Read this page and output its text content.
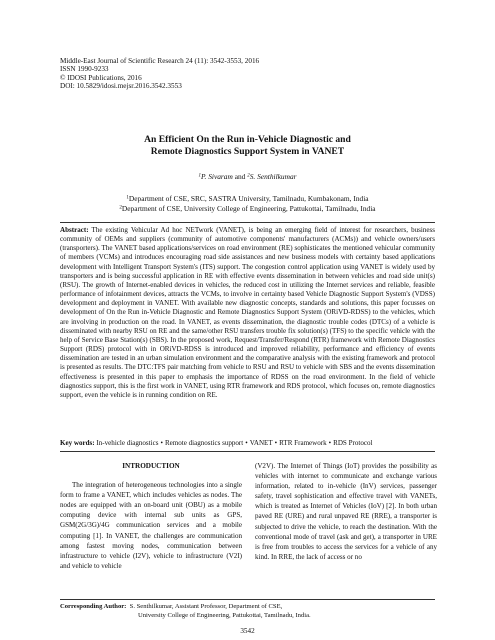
Middle-East Journal of Scientific Research 24 (11): 3542-3553, 2016
ISSN 1990-9233
© IDOSI Publications, 2016
DOI: 10.5829/idosi.mejsr.2016.3542.3553
An Efficient On the Run in-Vehicle Diagnostic and
Remote Diagnostics Support System in VANET
$^1$P. Sivaram and $^2$S. Senthilkumar
$^1$Department of CSE, SRC, SASTRA University, Tamilnadu, Kumbakonam, India
$^2$Department of CSE, University College of Engineering, Pattukottai, Tamilnadu, India

Abstract: The existing Vehicular Ad hoc NETwork (VANET), is being an emerging field of interest for researchers, business community of OEMs and suppliers (community of automotive components' manufacturers (ACMs)) and vehicle owners/users (transporters). The VANET based applications/services on road environment (RE) sophisticates the mentioned vehicular community of members (VCMs) and introduces encouraging road side assistances and new business models with certainty based applications development with Intelligent Transport System's (ITS) support. The congestion control application using VANET is widely used by transporters and is being successful application in RE with effective events dissemination in between vehicles and road side unit(s) (RSU). The growth of Internet-enabled devices in vehicles, the reduced cost in utilizing the Internet services and reliable, feasible performance of infotainment devices, attracts the VCMs, to involve in certainty based Vehicle Diagnostic Support System's (VDSS) development and deployment in VANET. With available new diagnostic concepts, standards and solutions, this paper focusses on development of On the Run in-Vehicle Diagnostic and Remote Diagnostics Support System (ORiVD-RDSS) to the vehicles, which are involving in production on the road. In VANET, as events dissemination, the diagnostic trouble codes (DTCs) of a vehicle is disseminated with nearby RSU on RE and the same/other RSU transfers trouble fix solution(s) (TFS) to the specific vehicle with the help of Service Base Station(s) (SBS). In the proposed work, Request/Transfer/Respond (RTR) framework with Remote Diagnostics Support (RDS) protocol with in ORiVD-RDSS is introduced and improved reliability, performance and efficiency of events dissemination are tested in an urban simulation environment and the comparative analysis with the existing framework and protocol is presented as results. The DTC:TFS pair matching from vehicle to RSU and RSU to vehicle with SBS and the events dissemination effectiveness is presented in this paper to emphasis the importance of RDSS on the road environment. In the field of vehicle diagnostics support, this is the first work in VANET, using RTR framework and RDS protocol, which focuses on, remote diagnostics support, even the vehicle is in running condition on RE.

Key words: In-vehicle diagnostics • Remote diagnostics support • VANET • RTR Framework • RDS Protocol
INTRODUCTION

The integration of heterogeneous technologies into a single form to frame a VANET, which includes vehicles as nodes. The nodes are equipped with an on-board unit (OBU) as a mobile computing device with internal sub units as GPS, GSM(2G/3G)/4G communication services and a mobile computing [1]. In VANET, the challenges are communication among fastest moving nodes, communication between infrastructure to vehicle (I2V), vehicle to infrastructure (V2I) and vehicle to vehicle

(V2V). The Internet of Things (IoT) provides the possibility as vehicles with internet to communicate and exchange various information, related to in-vehicle (InV) services, passenger safety, travel sophistication and effective travel with VANETs, which is treated as Internet of Vehicles (IoV) [2]. In both urban paved RE (URE) and rural unpaved RE (RRE), a transporter is subjected to drive the vehicle, to reach the destination. With the conventional mode of travel (ask and get), a transporter in URE is free from troubles to access the services for a vehicle of any kind. In RRE, the lack of access or no

Corresponding Author: S. Senthilkumar, Assistant Professor, Department of CSE,
University College of Engineering, Pattukottai, Tamilnadu, India.
3542
